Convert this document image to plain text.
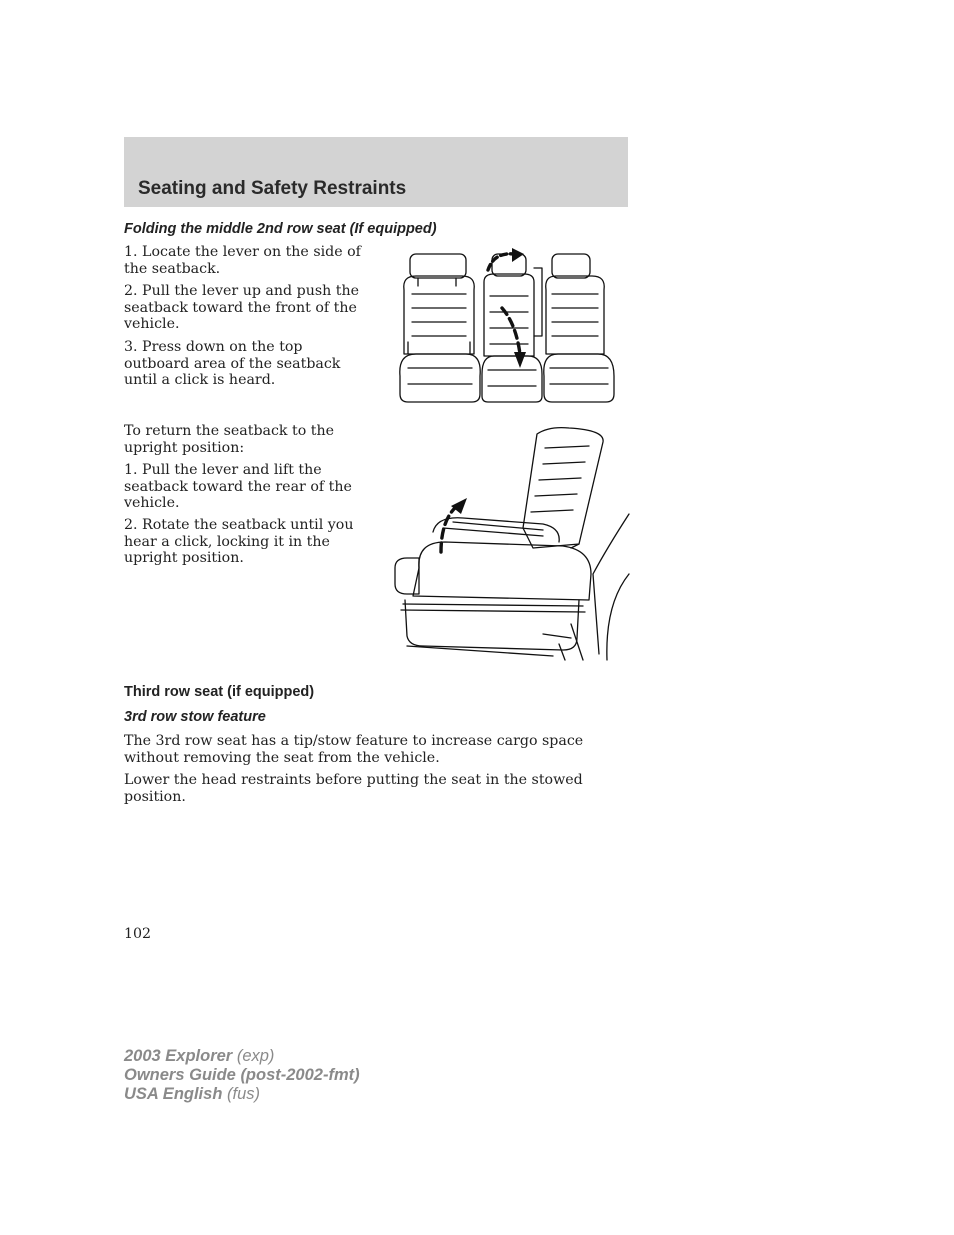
Seating and Safety Restraints
Folding the middle 2nd row seat (If equipped)

1. Locate the lever on the side of the seatback.

2. Pull the lever up and push the seatback toward the front of the vehicle.

3. Press down on the top outboard area of the seatback until a click is heard.

To return the seatback to the upright position:

1. Pull the lever and lift the seatback toward the rear of the vehicle.

2. Rotate the seatback until you hear a click, locking it in the upright position.

Third row seat (if equipped)
3rd row stow feature

The 3rd row seat has a tip/stow feature to increase cargo space without removing the seat from the vehicle.

Lower the head restraints before putting the seat in the stowed position.

102
2003 Explorer (exp)
Owners Guide (post-2002-fmt)
USA English (fus)
